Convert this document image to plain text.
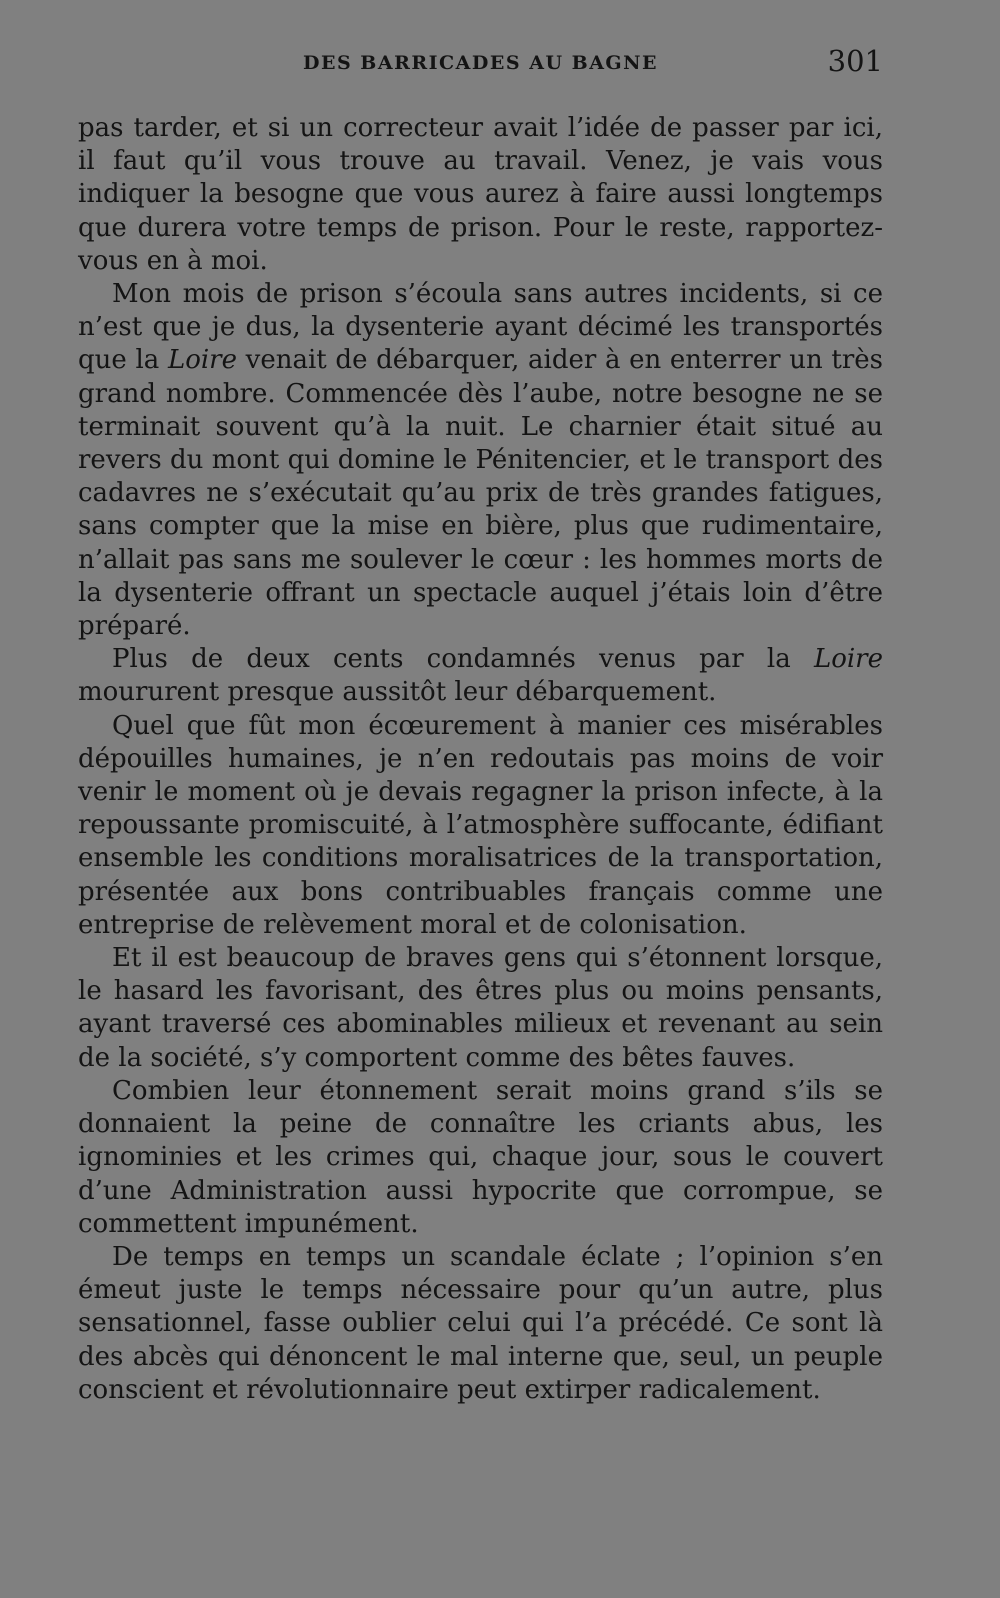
DES BARRICADES AU BAGNE	301

pas tarder, et si un correcteur avait l’idée de passer par ici, il faut qu’il vous trouve au travail. Venez, je vais vous indiquer la besogne que vous aurez à faire aussi longtemps que durera votre temps de prison. Pour le reste, rapportez-vous en à moi.

Mon mois de prison s’écoula sans autres incidents, si ce n’est que je dus, la dysenterie ayant décimé les transportés que la Loire venait de débarquer, aider à en enterrer un très grand nombre. Commencée dès l’aube, notre besogne ne se terminait souvent qu’à la nuit. Le charnier était situé au revers du mont qui domine le Pénitencier, et le transport des cadavres ne s’exécutait qu’au prix de très grandes fatigues, sans compter que la mise en bière, plus que rudimentaire, n’allait pas sans me soulever le cœur : les hommes morts de la dysenterie offrant un spectacle auquel j’étais loin d’être préparé.

Plus de deux cents condamnés venus par la Loire moururent presque aussitôt leur débarquement.

Quel que fût mon écœurement à manier ces misérables dépouilles humaines, je n’en redoutais pas moins de voir venir le moment où je devais regagner la prison infecte, à la repoussante promiscuité, à l’atmosphère suffocante, édifiant ensemble les conditions moralisatrices de la transportation, présentée aux bons contribuables français comme une entreprise de relèvement moral et de colonisation.

Et il est beaucoup de braves gens qui s’étonnent lorsque, le hasard les favorisant, des êtres plus ou moins pensants, ayant traversé ces abominables milieux et revenant au sein de la société, s’y comportent comme des bêtes fauves.

Combien leur étonnement serait moins grand s’ils se donnaient la peine de connaître les criants abus, les ignominies et les crimes qui, chaque jour, sous le couvert d’une Administration aussi hypocrite que corrompue, se commettent impunément.

De temps en temps un scandale éclate ; l’opinion s’en émeut juste le temps nécessaire pour qu’un autre, plus sensationnel, fasse oublier celui qui l’a précédé. Ce sont là des abcès qui dénoncent le mal interne que, seul, un peuple conscient et révolutionnaire peut extirper radicalement.
